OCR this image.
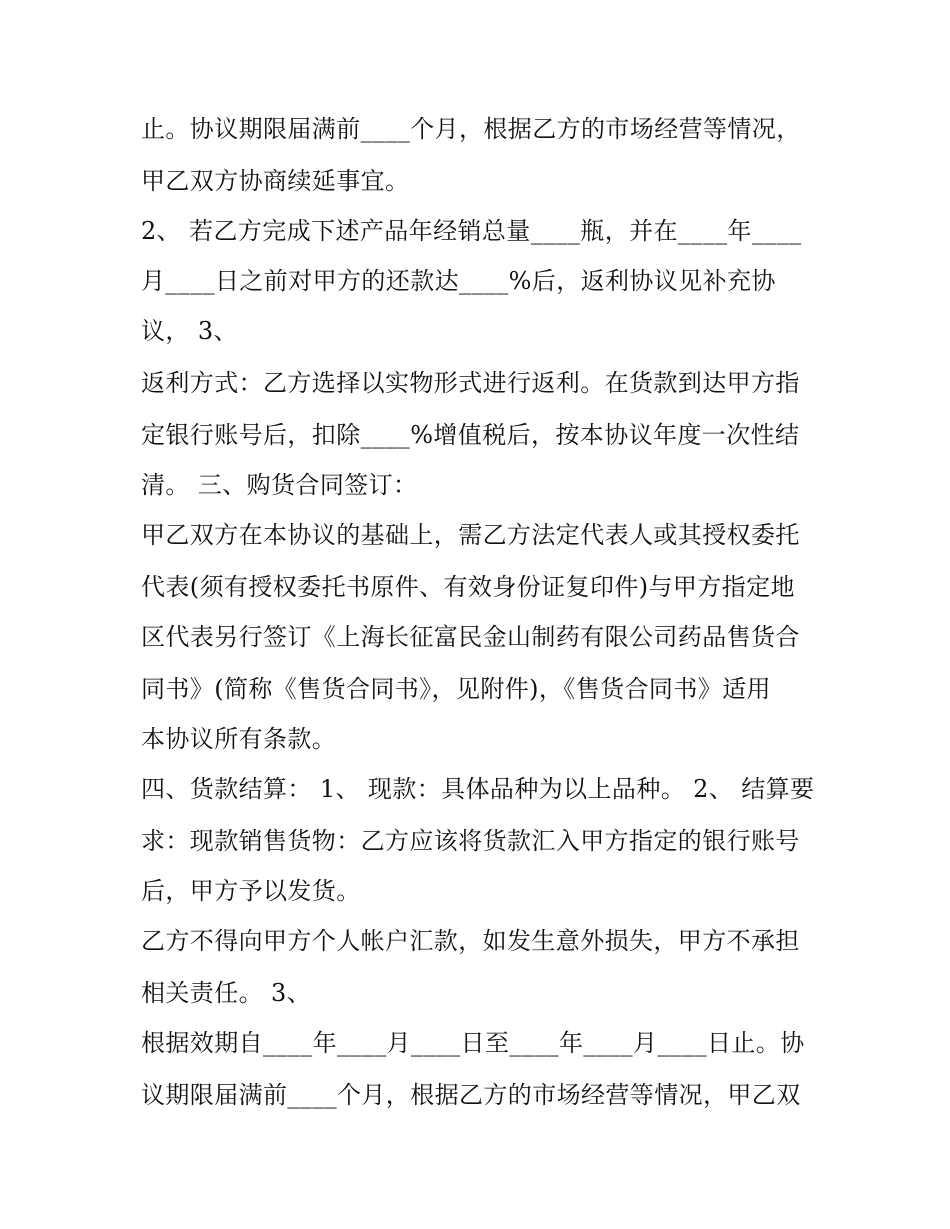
止。协议期限届满前____个月，根据乙方的市场经营等情况，
甲乙双方协商续延事宜。
2、 若乙方完成下述产品年经销总量____瓶，并在____年____
月____日之前对甲方的还款达____%后，返利协议见补充协
议， 3、
返利方式：乙方选择以实物形式进行返利。在货款到达甲方指
定银行账号后，扣除____%增值税后，按本协议年度一次性结
清。 三、购货合同签订：
甲乙双方在本协议的基础上，需乙方法定代表人或其授权委托
代表(须有授权委托书原件、有效身份证复印件)与甲方指定地
区代表另行签订《上海长征富民金山制药有限公司药品售货合
同书》(简称《售货合同书》，见附件)，《售货合同书》适用
本协议所有条款。
四、货款结算： 1、 现款：具体品种为以上品种。 2、 结算要
求：现款销售货物：乙方应该将货款汇入甲方指定的银行账号
后，甲方予以发货。
乙方不得向甲方个人帐户汇款，如发生意外损失，甲方不承担
相关责任。 3、
根据效期自____年____月____日至____年____月____日止。协
议期限届满前____个月，根据乙方的市场经营等情况，甲乙双
